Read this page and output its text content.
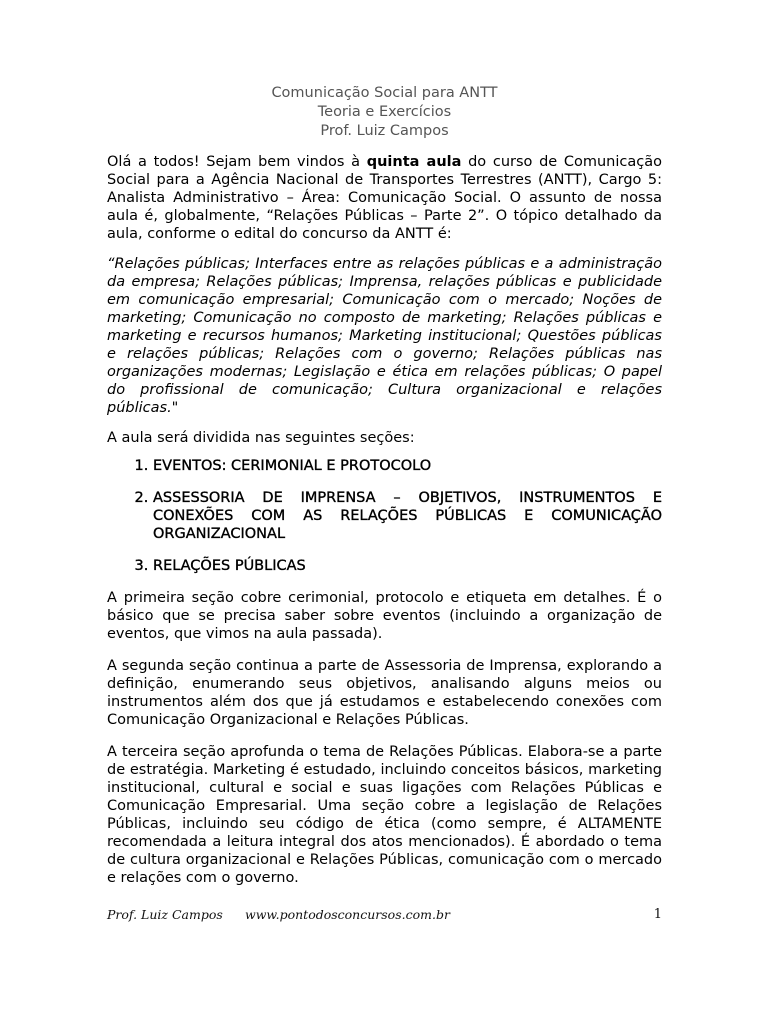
Comunicação Social para ANTT
Teoria e Exercícios
Prof. Luiz Campos

Olá a todos! Sejam bem vindos à quinta aula do curso de Comunicação Social para a Agência Nacional de Transportes Terrestres (ANTT), Cargo 5: Analista Administrativo – Área: Comunicação Social. O assunto de nossa aula é, globalmente, “Relações Públicas – Parte 2”. O tópico detalhado da aula, conforme o edital do concurso da ANTT é:

“Relações públicas; Interfaces entre as relações públicas e a administração da empresa; Relações públicas; Imprensa, relações públicas e publicidade em comunicação empresarial; Comunicação com o mercado; Noções de marketing; Comunicação no composto de marketing; Relações públicas e marketing e recursos humanos; Marketing institucional; Questões públicas e relações públicas; Relações com o governo; Relações públicas nas organizações modernas; Legislação e ética em relações públicas; O papel do profissional de comunicação; Cultura organizacional e relações públicas."

A aula será dividida nas seguintes seções:

1. EVENTOS: CERIMONIAL E PROTOCOLO
2. ASSESSORIA DE IMPRENSA – OBJETIVOS, INSTRUMENTOS E CONEXÕES COM AS RELAÇÕES PÚBLICAS E COMUNICAÇÃO ORGANIZACIONAL
3. RELAÇÕES PÚBLICAS

A primeira seção cobre cerimonial, protocolo e etiqueta em detalhes. É o básico que se precisa saber sobre eventos (incluindo a organização de eventos, que vimos na aula passada).

A segunda seção continua a parte de Assessoria de Imprensa, explorando a definição, enumerando seus objetivos, analisando alguns meios ou instrumentos além dos que já estudamos e estabelecendo conexões com Comunicação Organizacional e Relações Públicas.

A terceira seção aprofunda o tema de Relações Públicas. Elabora-se a parte de estratégia. Marketing é estudado, incluindo conceitos básicos, marketing institucional, cultural e social e suas ligações com Relações Públicas e Comunicação Empresarial. Uma seção cobre a legislação de Relações Públicas, incluindo seu código de ética (como sempre, é ALTAMENTE recomendada a leitura integral dos atos mencionados). É abordado o tema de cultura organizacional e Relações Públicas, comunicação com o mercado e relações com o governo.

Prof. Luiz Campos www.pontodosconcursos.com.br	1
